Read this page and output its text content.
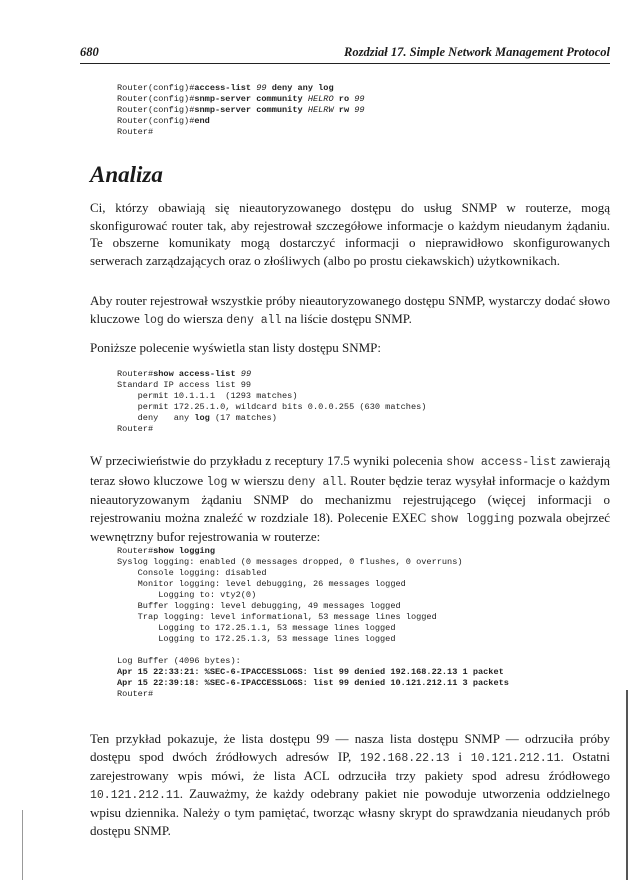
680	Rozdział 17. Simple Network Management Protocol
Router(config)#access-list 99 deny any log
Router(config)#snmp-server community HELRO ro 99
Router(config)#snmp-server community HELRW rw 99
Router(config)#end
Router#
Analiza
Ci, którzy obawiają się nieautoryzowanego dostępu do usług SNMP w routerze, mogą skonfigurować router tak, aby rejestrował szczegółowe informacje o każdym nieudanym żądaniu. Te obszerne komunikaty mogą dostarczyć informacji o nieprawidłowo skonfigurowanych serwerach zarządzających oraz o złośliwych (albo po prostu ciekawskich) użytkownikach.
Aby router rejestrował wszystkie próby nieautoryzowanego dostępu SNMP, wystarczy dodać słowo kluczowe log do wiersza deny all na liście dostępu SNMP.
Poniższe polecenie wyświetla stan listy dostępu SNMP:
Router#show access-list 99
Standard IP access list 99
permit 10.1.1.1  (1293 matches)
permit 172.25.1.0, wildcard bits 0.0.0.255 (630 matches)
deny   any log (17 matches)
Router#
W przeciwieństwie do przykładu z receptury 17.5 wyniki polecenia show access-list zawierają teraz słowo kluczowe log w wierszu deny all. Router będzie teraz wysyłał informacje o każdym nieautoryzowanym żądaniu SNMP do mechanizmu rejestrującego (więcej informacji o rejestrowaniu można znaleźć w rozdziale 18). Polecenie EXEC show logging pozwala obejrzeć wewnętrzny bufor rejestrowania w routerze:
Router#show logging
Syslog logging: enabled (0 messages dropped, 0 flushes, 0 overruns)
Console logging: disabled
Monitor logging: level debugging, 26 messages logged
Logging to: vty2(0)
Buffer logging: level debugging, 49 messages logged
Trap logging: level informational, 53 message lines logged
Logging to 172.25.1.1, 53 message lines logged
Logging to 172.25.1.3, 53 message lines logged

Log Buffer (4096 bytes):
Apr 15 22:33:21: %SEC-6-IPACCESSLOGS: list 99 denied 192.168.22.13 1 packet
Apr 15 22:39:18: %SEC-6-IPACCESSLOGS: list 99 denied 10.121.212.11 3 packets
Router#
Ten przykład pokazuje, że lista dostępu 99 — nasza lista dostępu SNMP — odrzuciła próby dostępu spod dwóch źródłowych adresów IP, 192.168.22.13 i 10.121.212.11. Ostatni zarejestrowany wpis mówi, że lista ACL odrzuciła trzy pakiety spod adresu źródłowego 10.121.212.11. Zauważmy, że każdy odebrany pakiet nie powoduje utworzenia oddzielnego wpisu dziennika. Należy o tym pamiętać, tworząc własny skrypt do sprawdzania nieudanych prób dostępu SNMP.
